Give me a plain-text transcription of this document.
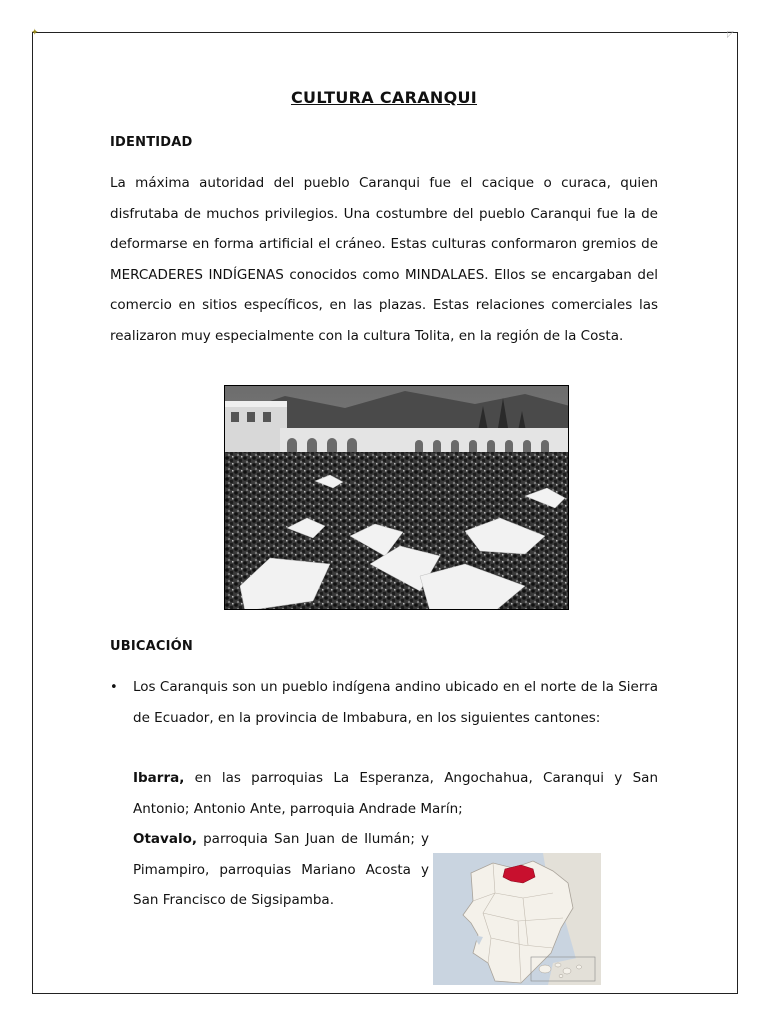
✦	◸
CULTURA CARANQUI
IDENTIDAD

La máxima autoridad del pueblo Caranqui fue el cacique o curaca, quien disfrutaba de muchos privilegios. Una costumbre del pueblo Caranqui fue la de deformarse en forma artificial el cráneo. Estas culturas conformaron gremios de MERCADERES INDÍGENAS conocidos como MINDALAES. Ellos se encargaban del comercio en sitios específicos, en las plazas. Estas relaciones comerciales las realizaron muy especialmente con la cultura Tolita, en la región de la Costa.

UBICACIÓN
• Los Caranquis son un pueblo indígena andino ubicado en el norte de la Sierra de Ecuador, en la provincia de Imbabura, en los siguientes cantones:

Ibarra, en las parroquias La Esperanza, Angochahua, Caranqui y San Antonio; Antonio Ante, parroquia Andrade Marín;

Otavalo, parroquia San Juan de Ilumán; y Pimampiro, parroquias Mariano Acosta y San Francisco de Sigsipamba.
